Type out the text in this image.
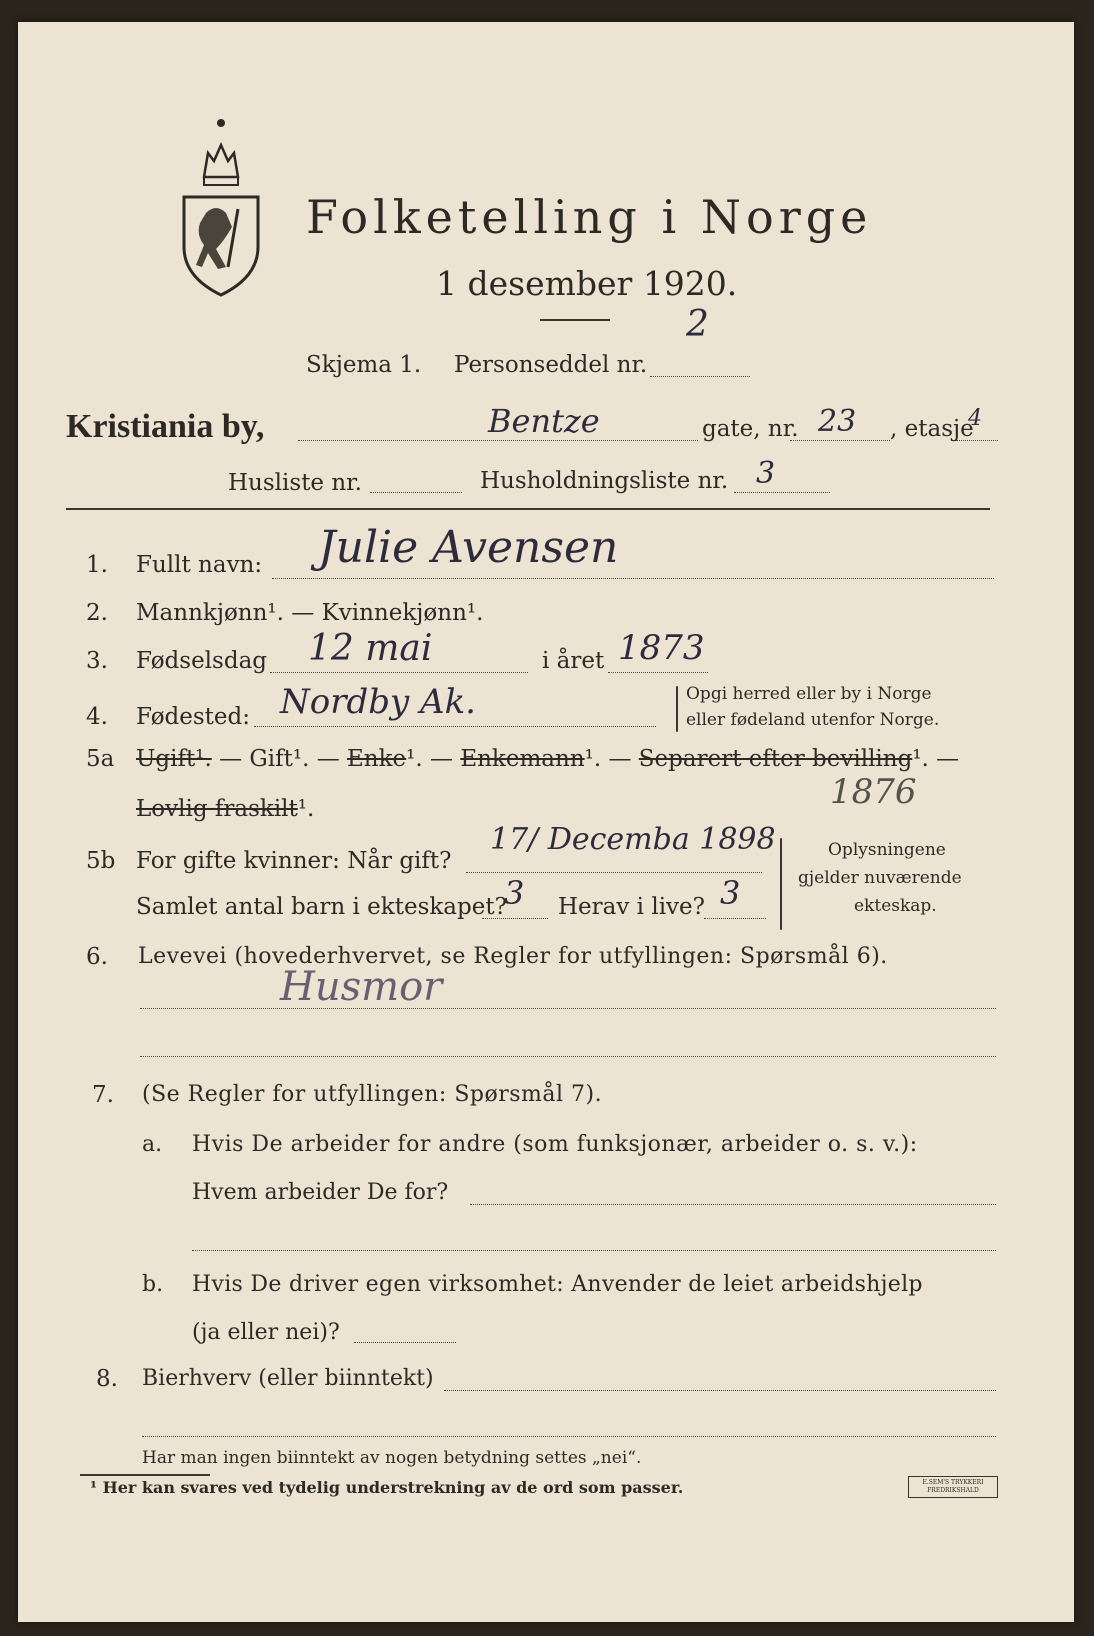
Folketelling i Norge
1 desember 1920.
2
Skjema 1. Personseddel nr.
Kristiania by,	Bentze	gate, nr. 23 , etasje
4
Husliste nr.	Husholdningsliste nr. 3
1. Fullt navn: Julie Avensen
2. Mannkjønn¹. — Kvinnekjønn¹.
3. Fødselsdag 12 mai	i året 1873
4. Fødested: Nordby Ak.	Opgi herred eller by i Norge
eller fødeland utenfor Norge.
5a Ugift¹. — Gift¹. — Enke¹. — Enkemann¹. — Separert efter bevilling¹. —
Lovlig fraskilt¹.	1876
5b For gifte kvinner: Når gift?
17/ Decemba 1898
Samlet antal barn i ekteskapet?
3 Herav i live? 3
Oplysningene
gjelder nuværende
ekteskap.
6. Levevei (hovederhvervet, se Regler for utfyllingen: Spørsmål 6).
Husmor
7. (Se Regler for utfyllingen: Spørsmål 7).
a. Hvis De arbeider for andre (som funksjonær, arbeider o. s. v.):
Hvem arbeider De for?
b. Hvis De driver egen virksomhet: Anvender de leiet arbeidshjelp
(ja eller nei)?
8. Bierhverv (eller biinntekt)
Har man ingen biinntekt av nogen betydning settes „nei“.
¹ Her kan svares ved tydelig understrekning av de ord som passer.	E.SEM'S TRYKKERI FREDRIKSHALD
